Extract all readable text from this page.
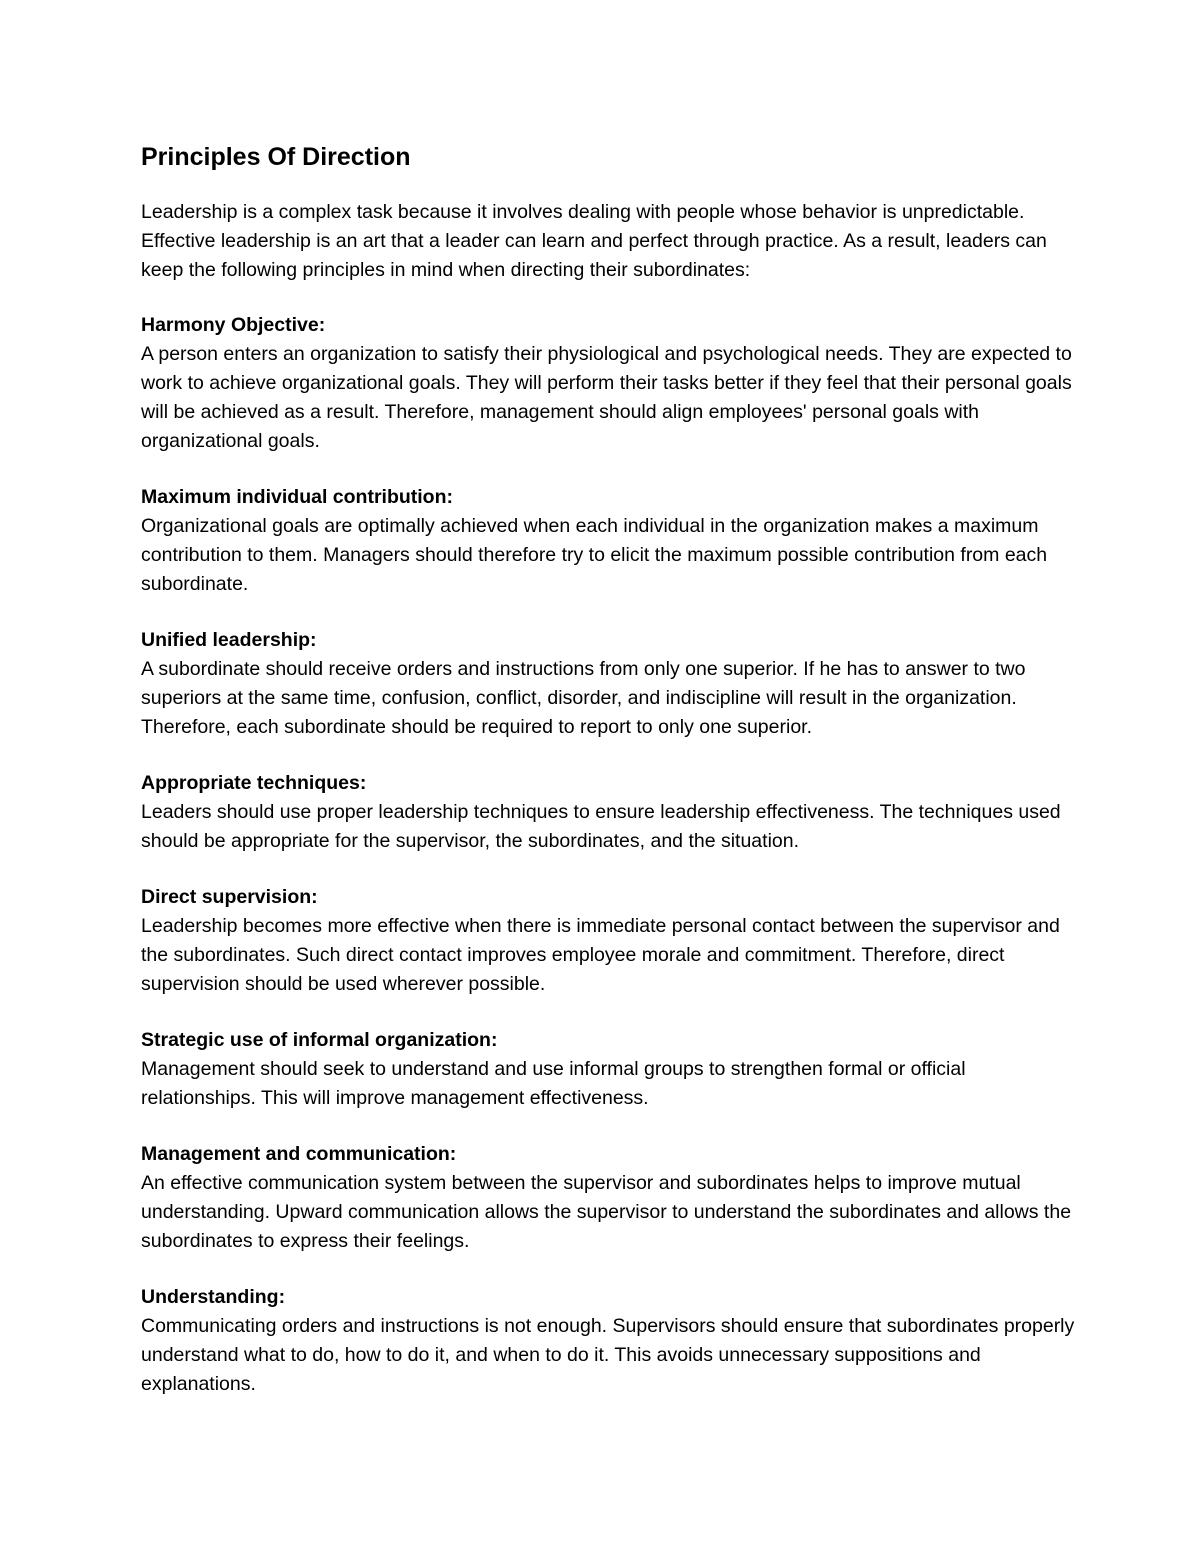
Principles Of Direction

Leadership is a complex task because it involves dealing with people whose behavior is unpredictable. Effective leadership is an art that a leader can learn and perfect through practice. As a result, leaders can keep the following principles in mind when directing their subordinates:

Harmony Objective:

A person enters an organization to satisfy their physiological and psychological needs. They are expected to work to achieve organizational goals. They will perform their tasks better if they feel that their personal goals will be achieved as a result. Therefore, management should align employees' personal goals with organizational goals.

Maximum individual contribution:

Organizational goals are optimally achieved when each individual in the organization makes a maximum contribution to them. Managers should therefore try to elicit the maximum possible contribution from each subordinate.

Unified leadership:

A subordinate should receive orders and instructions from only one superior. If he has to answer to two superiors at the same time, confusion, conflict, disorder, and indiscipline will result in the organization. Therefore, each subordinate should be required to report to only one superior.

Appropriate techniques:

Leaders should use proper leadership techniques to ensure leadership effectiveness. The techniques used should be appropriate for the supervisor, the subordinates, and the situation.

Direct supervision:

Leadership becomes more effective when there is immediate personal contact between the supervisor and the subordinates. Such direct contact improves employee morale and commitment. Therefore, direct supervision should be used wherever possible.

Strategic use of informal organization:

Management should seek to understand and use informal groups to strengthen formal or official relationships. This will improve management effectiveness.

Management and communication:

An effective communication system between the supervisor and subordinates helps to improve mutual understanding. Upward communication allows the supervisor to understand the subordinates and allows the subordinates to express their feelings.

Understanding:

Communicating orders and instructions is not enough. Supervisors should ensure that subordinates properly understand what to do, how to do it, and when to do it. This avoids unnecessary suppositions and explanations.
